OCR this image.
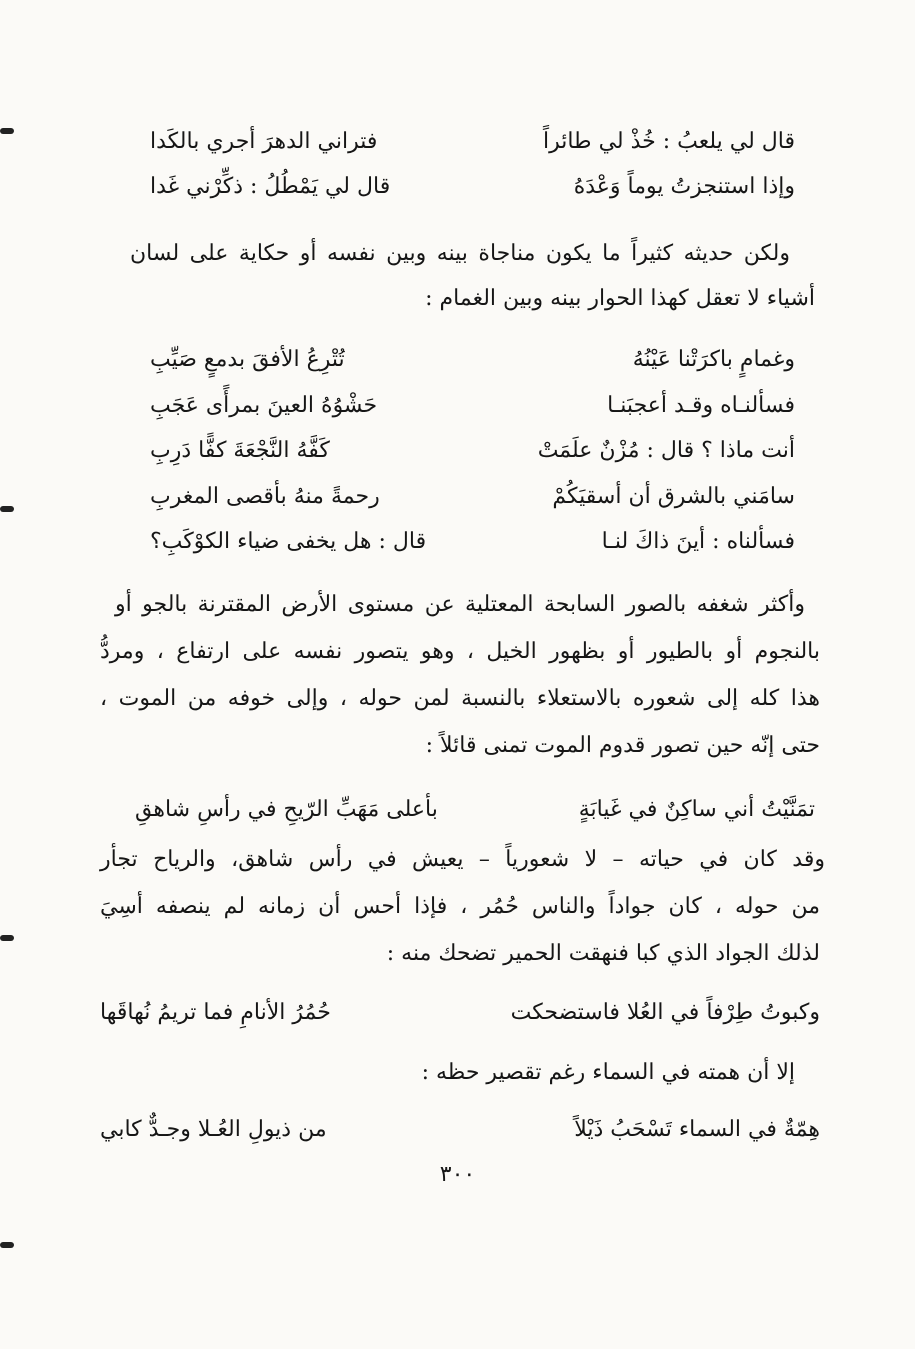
قال لي يلعبُ : خُذْ لي طائراً
فتراني الدهرَ أجري بالكَدا
وإذا استنجزتُ يوماً وَعْدَهُ
قال لي يَمْطُلُ : ذكِّرْني غَدا
ولكن حديثه كثيراً ما يكون مناجاة بينه وبين نفسه أو حكاية على لسان
أشياء لا تعقل كهذا الحوار بينه وبين الغمام :
وغمامٍ باكرَتْنا عَيْنُهُ
تُتْرِعُ الأفقَ بدمعٍ صَيِّبِ
فسألنـاه وقـد أعجبَنـا
حَشْوُهُ العينَ بمرأًى عَجَبِ
أنت ماذا ؟ قال : مُزْنٌ علَمَتْ
كَفَّهُ النَّجْعَةَ كفًّا دَرِبِ
سامَني بالشرق أن أسقيَكُمْ
رحمةً منهُ بأقصى المغربِ
فسألناه : أينَ ذاكَ لنـا
قال : هل يخفى ضياء الكوْكَبِ؟
وأكثر شغفه بالصور السابحة المعتلية عن مستوى الأرض المقترنة بالجو أو
بالنجوم أو بالطيور أو بظهور الخيل ، وهو يتصور نفسه على ارتفاع ، ومردُّ
هذا كله إلى شعوره بالاستعلاء بالنسبة لمن حوله ، وإلى خوفه من الموت ،
حتى إنّه حين تصور قدوم الموت تمنى قائلاً :
تمَنَّيْتُ أني ساكِنٌ في غَيابَةٍ
بأعلى مَهَبِّ الرّيحِ في رأسِ شاهقِ
وقد كان في حياته – لا شعورياً – يعيش في رأس شاهق، والرياح تجأر
من حوله ، كان جواداً والناس حُمُر ، فإذا أحس أن زمانه لم ينصفه أسِيَ
لذلك الجواد الذي كبا فنهقت الحمير تضحك منه :
وكبوتُ طِرْفاً في العُلا فاستضحكت
حُمُرُ الأنامِ فما تريمُ نُهاقَها
إلا أن همته في السماء رغم تقصير حظه :
هِمّةٌ في السماء تَسْحَبُ ذَيْلاً
من ذيولِ العُـلا وجـدٌّ كابي
٣٠٠
